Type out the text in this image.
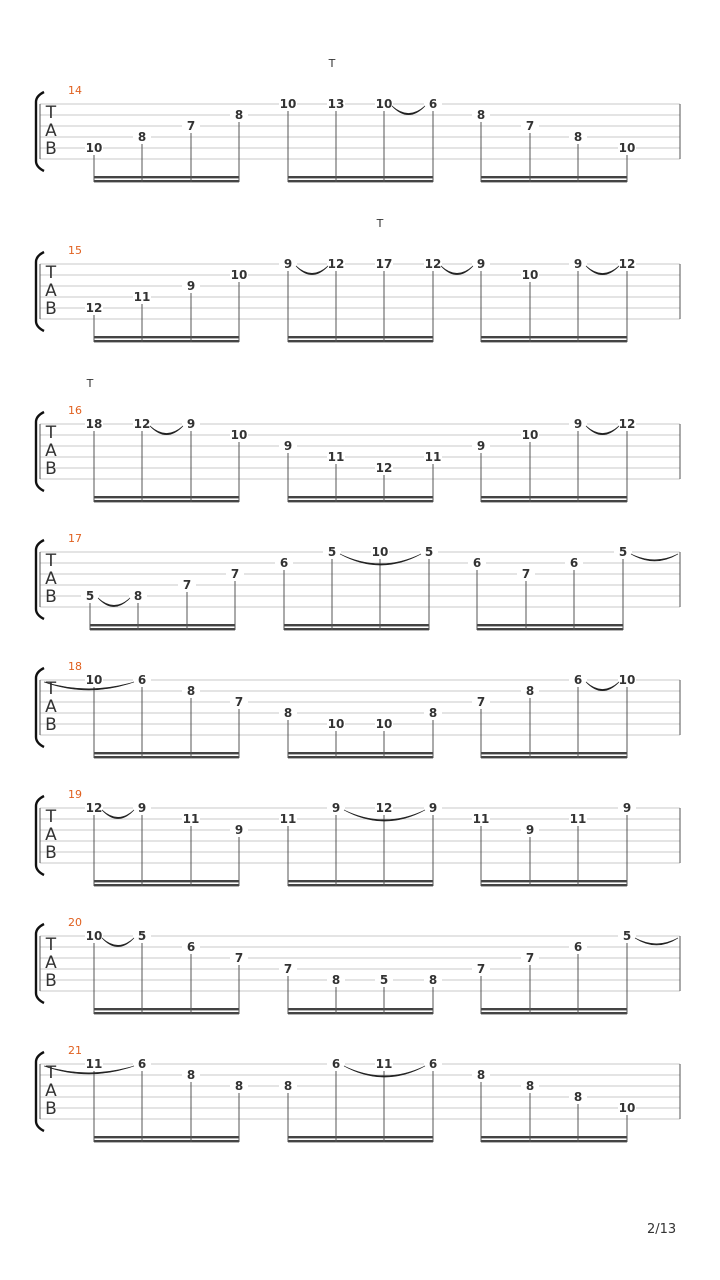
T
A
B
14
10
8
7
8
10	13	10	6
8
7
8
10
T
T
A
B
15
12
11
9
10
9	12	17	12	9
10
9	12
T
T
A
B
16
18	12	9
10
9
11
12
11
9
10
9	12
T
T
A
B
17
5	8
7
7
6
5	10	5
6
7
6
5
T
A
B
18
10	6
8
7
8
10	10
8
7
8
6	10
T
A
B
19
12	9
11
9
11
9	12	9
11
9
11
9
T
A
B
20
10	5
6
7
7
8	5	8
7
7
6
5
T
A
B
21
11	6
8
8	8
6	11	6
8
8
8
10
2/13
